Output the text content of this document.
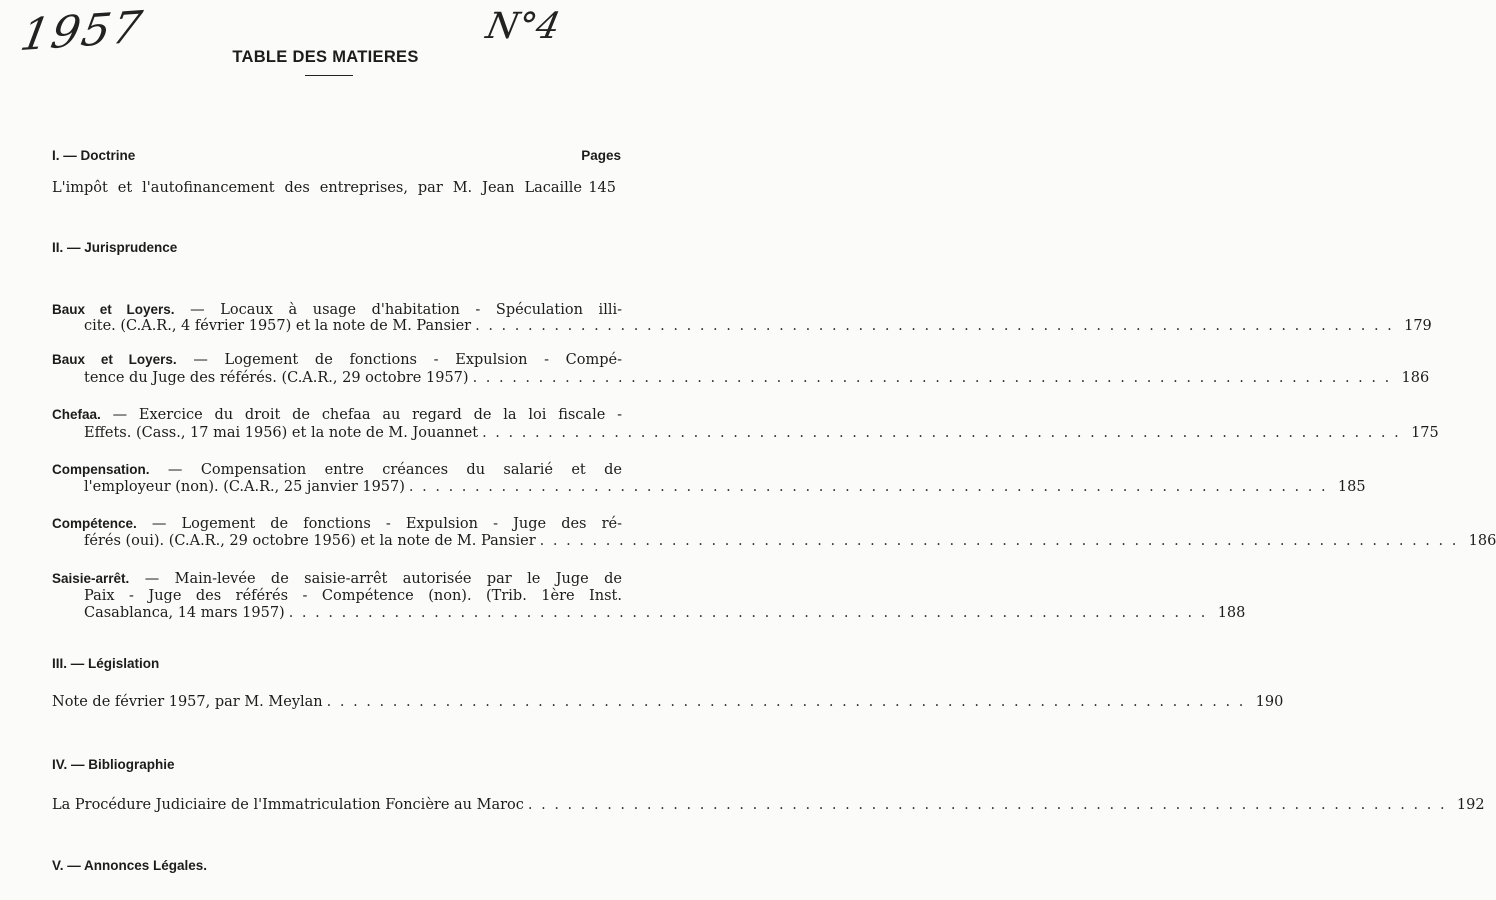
1957	N°4
TABLE DES MATIERES
I. — Doctrine	Pages
L'impôt et l'autofinancement des entreprises, par M. Jean Lacaille 145
II. — Jurisprudence
Baux et Loyers. — Locaux à usage d'habitation - Spéculation illi-
cite. (C.A.R., 4 février 1957) et la note de M. Pansier . . .	179
Baux et Loyers. — Logement de fonctions - Expulsion - Compé-
tence du Juge des référés. (C.A.R., 29 octobre 1957) . . .	186
Chefaa. — Exercice du droit de chefaa au regard de la loi fiscale -
Effets. (Cass., 17 mai 1956) et la note de M. Jouannet . . .	175
Compensation. — Compensation entre créances du salarié et de
l'employeur (non). (C.A.R., 25 janvier 1957) . . .	185
Compétence. — Logement de fonctions - Expulsion - Juge des ré-
férés (oui). (C.A.R., 29 octobre 1956) et la note de M. Pansier . . .	186
Saisie-arrêt. — Main-levée de saisie-arrêt autorisée par le Juge de
Paix - Juge des référés - Compétence (non). (Trib. 1ère Inst.
Casablanca, 14 mars 1957) . . .	188
III. — Législation
Note de février 1957, par M. Meylan . . .	190
IV. — Bibliographie
La Procédure Judiciaire de l'Immatriculation Foncière au Maroc . . .	192
V. — Annonces Légales.
